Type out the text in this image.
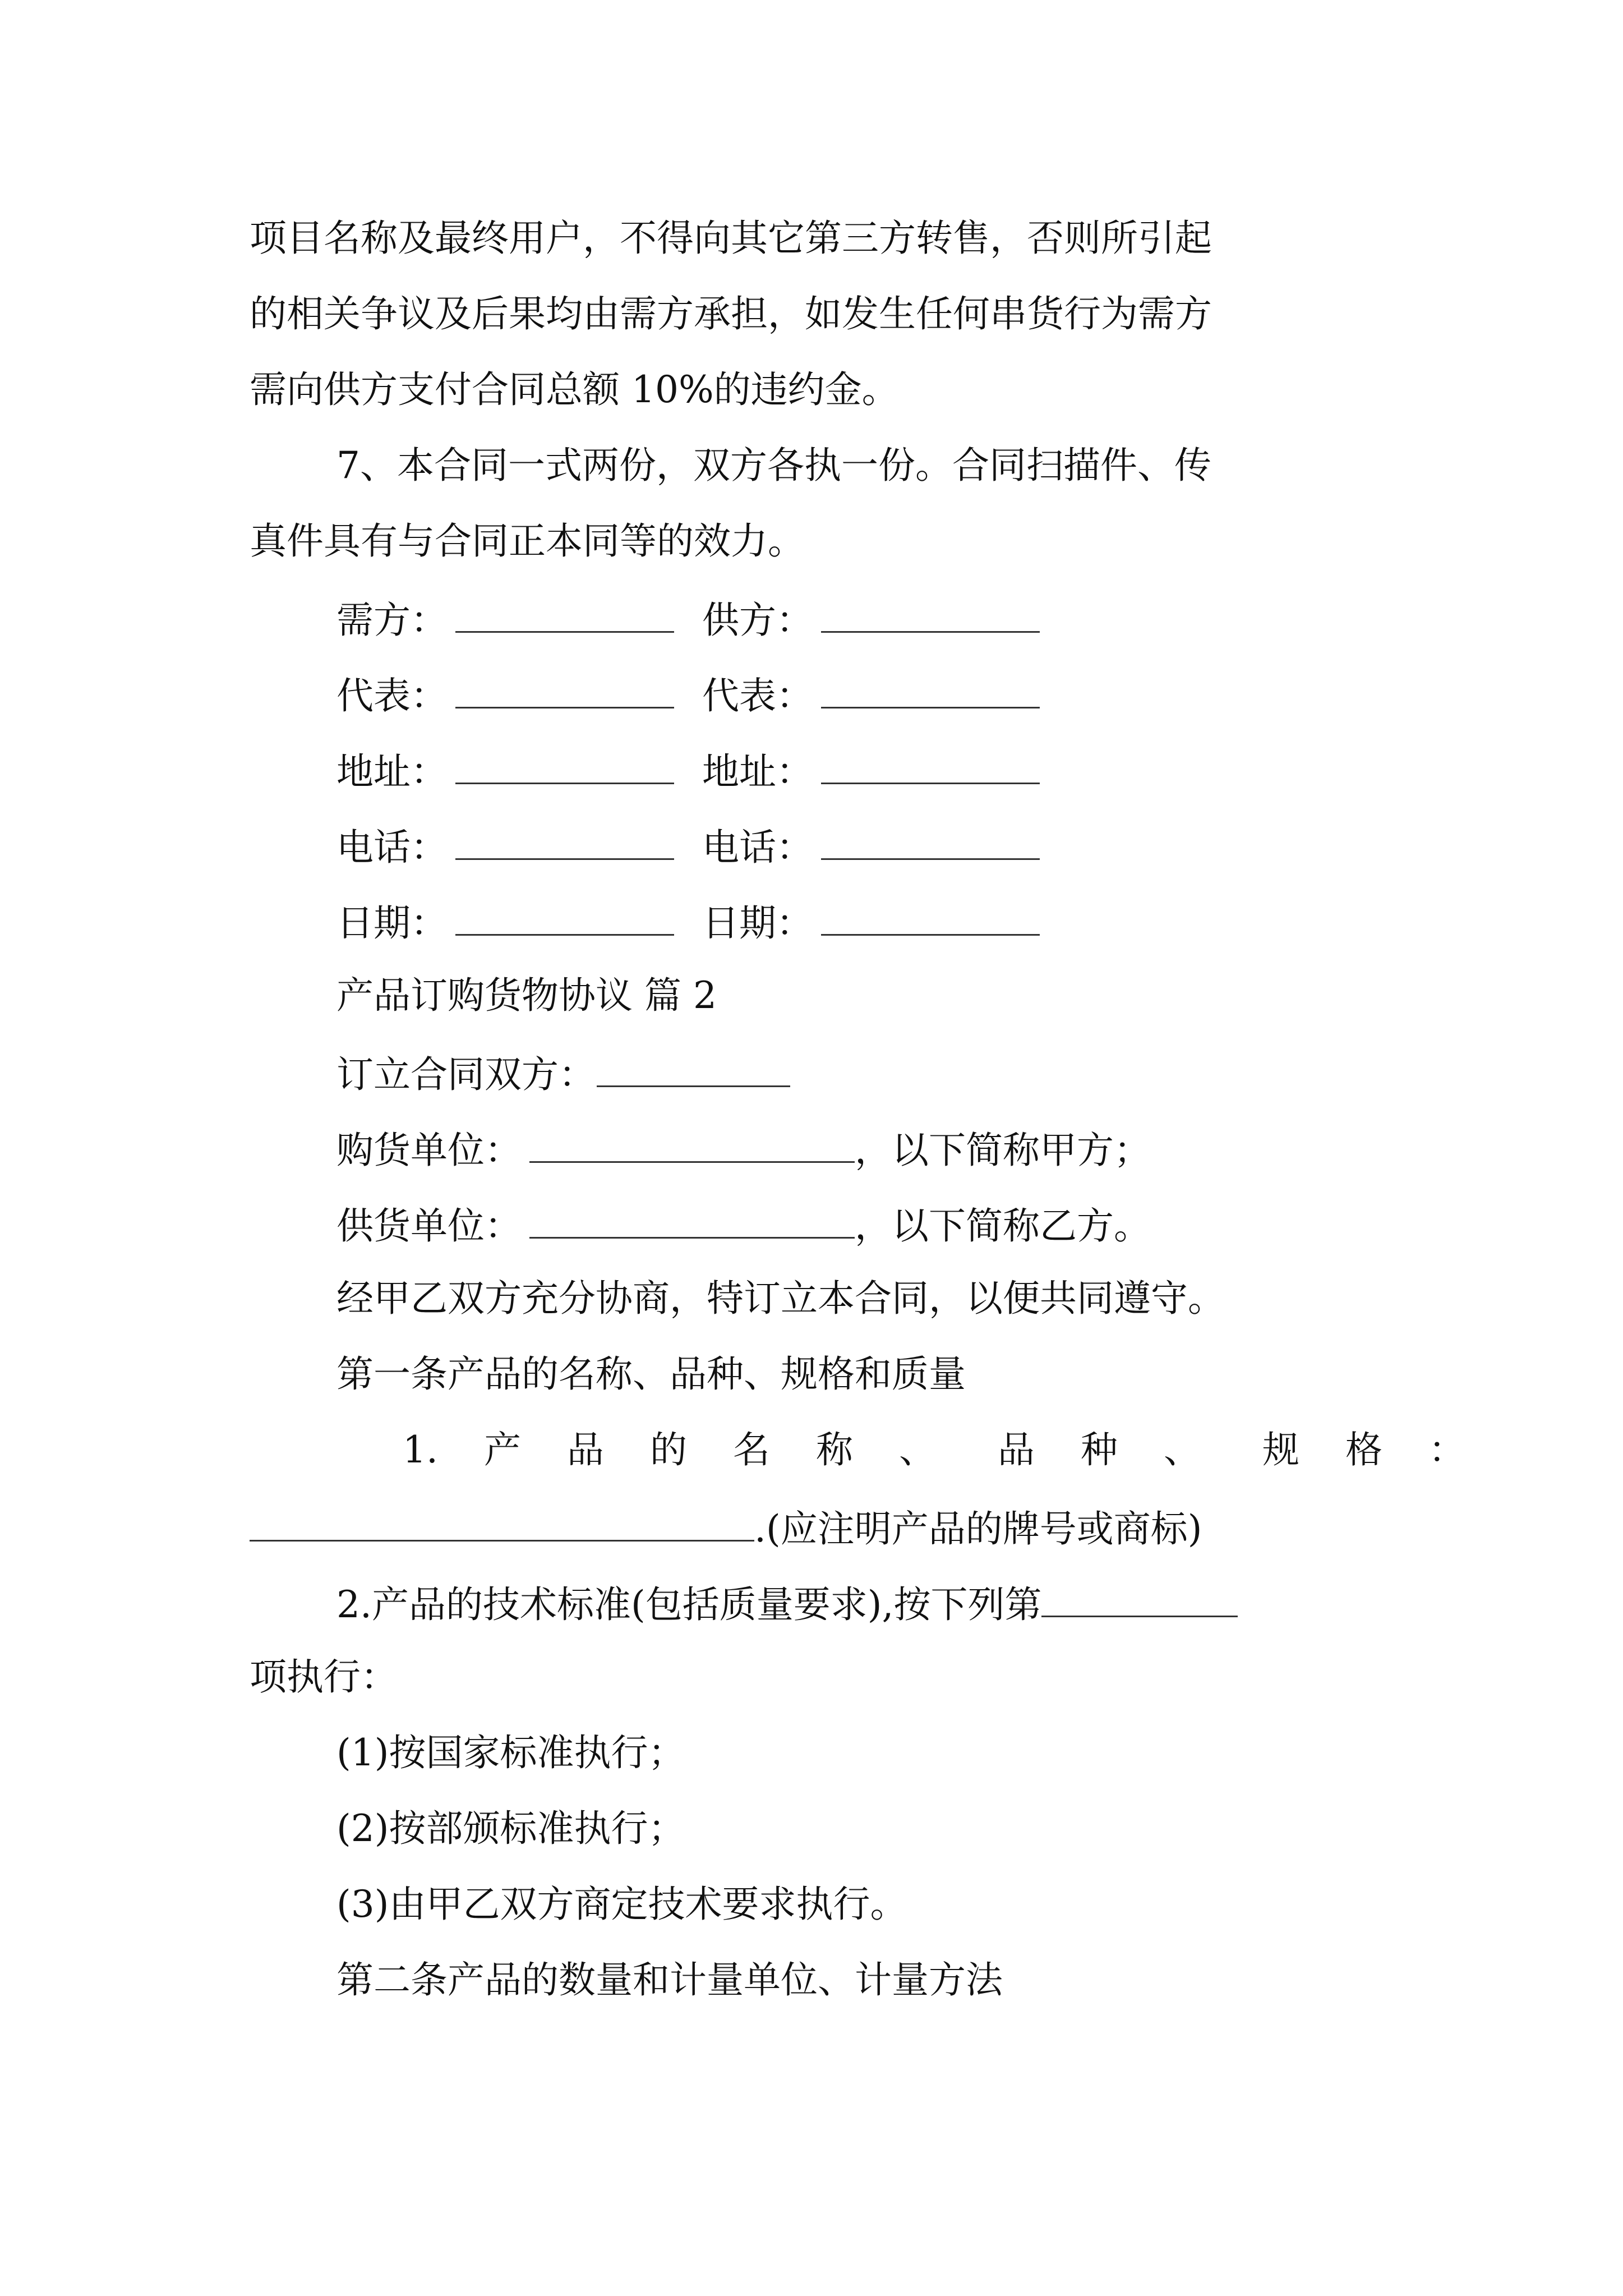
项目名称及最终用户，不得向其它第三方转售，否则所引起
的相关争议及后果均由需方承担，如发生任何串货行为需方
需向供方支付合同总额 10%的违约金。
7、本合同一式两份，双方各执一份。合同扫描件、传
真件具有与合同正本同等的效力。
需方：	供方：
代表：	代表：
地址：	地址：
电话：	电话：
日期：	日期：
产品订购货物协议 篇 2
订立合同双方：
购货单位：	，以下简称甲方；
供货单位：	，以下简称乙方。
经甲乙双方充分协商，特订立本合同，以便共同遵守。
第一条产品的名称、品种、规格和质量
1. 产 品 的 名 称 、 品 种 、 规 格 ：
.(应注明产品的牌号或商标)
2.产品的技术标准(包括质量要求),按下列第
项执行：
(1)按国家标准执行；
(2)按部颁标准执行；
(3)由甲乙双方商定技术要求执行。
第二条产品的数量和计量单位、计量方法
